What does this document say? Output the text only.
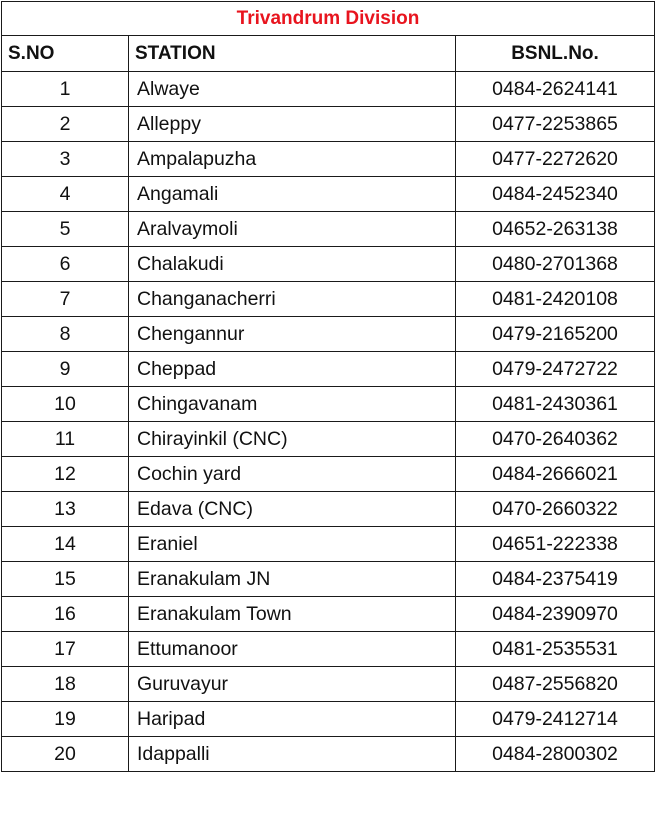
Trivandrum Division		
S.NO	STATION	BSNL.No.
1	Alwaye	0484-2624141
2	Alleppy	0477-2253865
3	Ampalapuzha	0477-2272620
4	Angamali	0484-2452340
5	Aralvaymoli	04652-263138
6	Chalakudi	0480-2701368
7	Changanacherri	0481-2420108
8	Chengannur	0479-2165200
9	Cheppad	0479-2472722
10	Chingavanam	0481-2430361
11	Chirayinkil (CNC)	0470-2640362
12	Cochin yard	0484-2666021
13	Edava (CNC)	0470-2660322
14	Eraniel	04651-222338
15	Eranakulam JN	0484-2375419
16	Eranakulam Town	0484-2390970
17	Ettumanoor	0481-2535531
18	Guruvayur	0487-2556820
19	Haripad	0479-2412714
20	Idappalli	0484-2800302
